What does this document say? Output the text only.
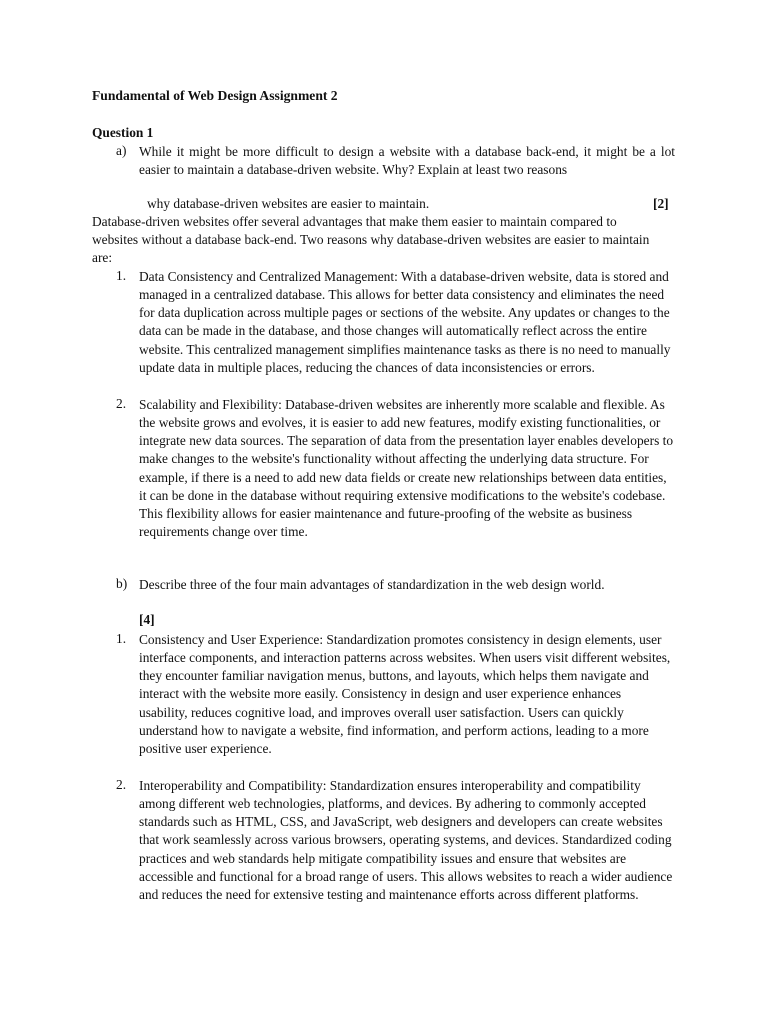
Fundamental of Web Design Assignment 2
Question 1
a) While it might be more difficult to design a website with a database back-end, it might be a lot easier to maintain a database-driven website. Why? Explain at least two reasons
why database-driven websites are easier to maintain.	[2]
Database-driven websites offer several advantages that make them easier to maintain compared to websites without a database back-end. Two reasons why database-driven websites are easier to maintain are:
1. Data Consistency and Centralized Management: With a database-driven website, data is stored and managed in a centralized database. This allows for better data consistency and eliminates the need for data duplication across multiple pages or sections of the website. Any updates or changes to the data can be made in the database, and those changes will automatically reflect across the entire website. This centralized management simplifies maintenance tasks as there is no need to manually update data in multiple places, reducing the chances of data inconsistencies or errors.
2. Scalability and Flexibility: Database-driven websites are inherently more scalable and flexible. As the website grows and evolves, it is easier to add new features, modify existing functionalities, or integrate new data sources. The separation of data from the presentation layer enables developers to make changes to the website's functionality without affecting the underlying data structure. For example, if there is a need to add new data fields or create new relationships between data entities, it can be done in the database without requiring extensive modifications to the website's codebase. This flexibility allows for easier maintenance and future-proofing of the website as business requirements change over time.
b) Describe three of the four main advantages of standardization in the web design world.
[4]
1. Consistency and User Experience: Standardization promotes consistency in design elements, user interface components, and interaction patterns across websites. When users visit different websites, they encounter familiar navigation menus, buttons, and layouts, which helps them navigate and interact with the website more easily. Consistency in design and user experience enhances usability, reduces cognitive load, and improves overall user satisfaction. Users can quickly understand how to navigate a website, find information, and perform actions, leading to a more positive user experience.
2. Interoperability and Compatibility: Standardization ensures interoperability and compatibility among different web technologies, platforms, and devices. By adhering to commonly accepted standards such as HTML, CSS, and JavaScript, web designers and developers can create websites that work seamlessly across various browsers, operating systems, and devices. Standardized coding practices and web standards help mitigate compatibility issues and ensure that websites are accessible and functional for a broad range of users. This allows websites to reach a wider audience and reduces the need for extensive testing and maintenance efforts across different platforms.
